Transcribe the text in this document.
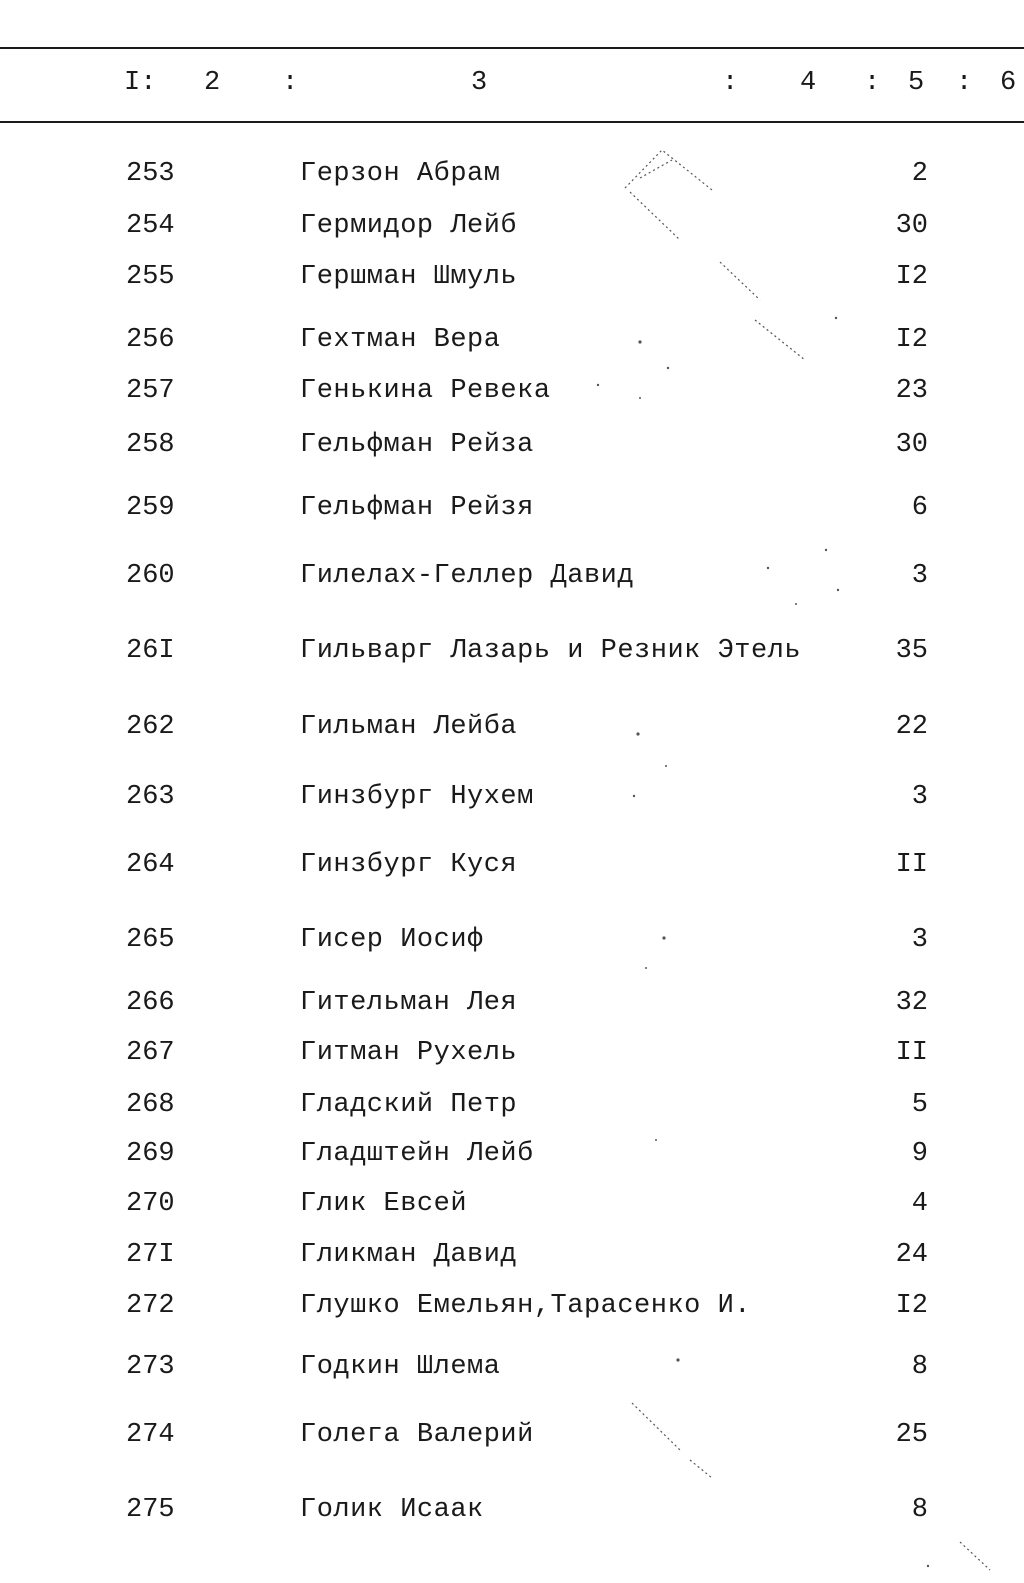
I: 2 :	3	: 4 : 5 : 6
253	Герзон Абрам	2
254	Гермидор Лейб	30
255	Гершман Шмуль	I2
256	Гехтман Вера	I2
257	Генькина Ревека	23
258	Гельфман Рейза	30
259	Гельфман Рейзя	6
260	Гилелах-Геллер Давид	3
26I	Гильварг Лазарь и Резник Этель	35
262	Гильман Лейба	22
263	Гинзбург Нухем	3
264	Гинзбург Куся	II
265	Гисер Иосиф	3
266	Гительман Лея	32
267	Гитман Рухель	II
268	Гладский Петр	5
269	Гладштейн Лейб	9
270	Глик Евсей	4
27I	Гликман Давид	24
272	Глушко Емельян,Тарасенко И.	I2
273	Годкин Шлема	8
274	Голега Валерий	25
275	Голик Исаак	8
